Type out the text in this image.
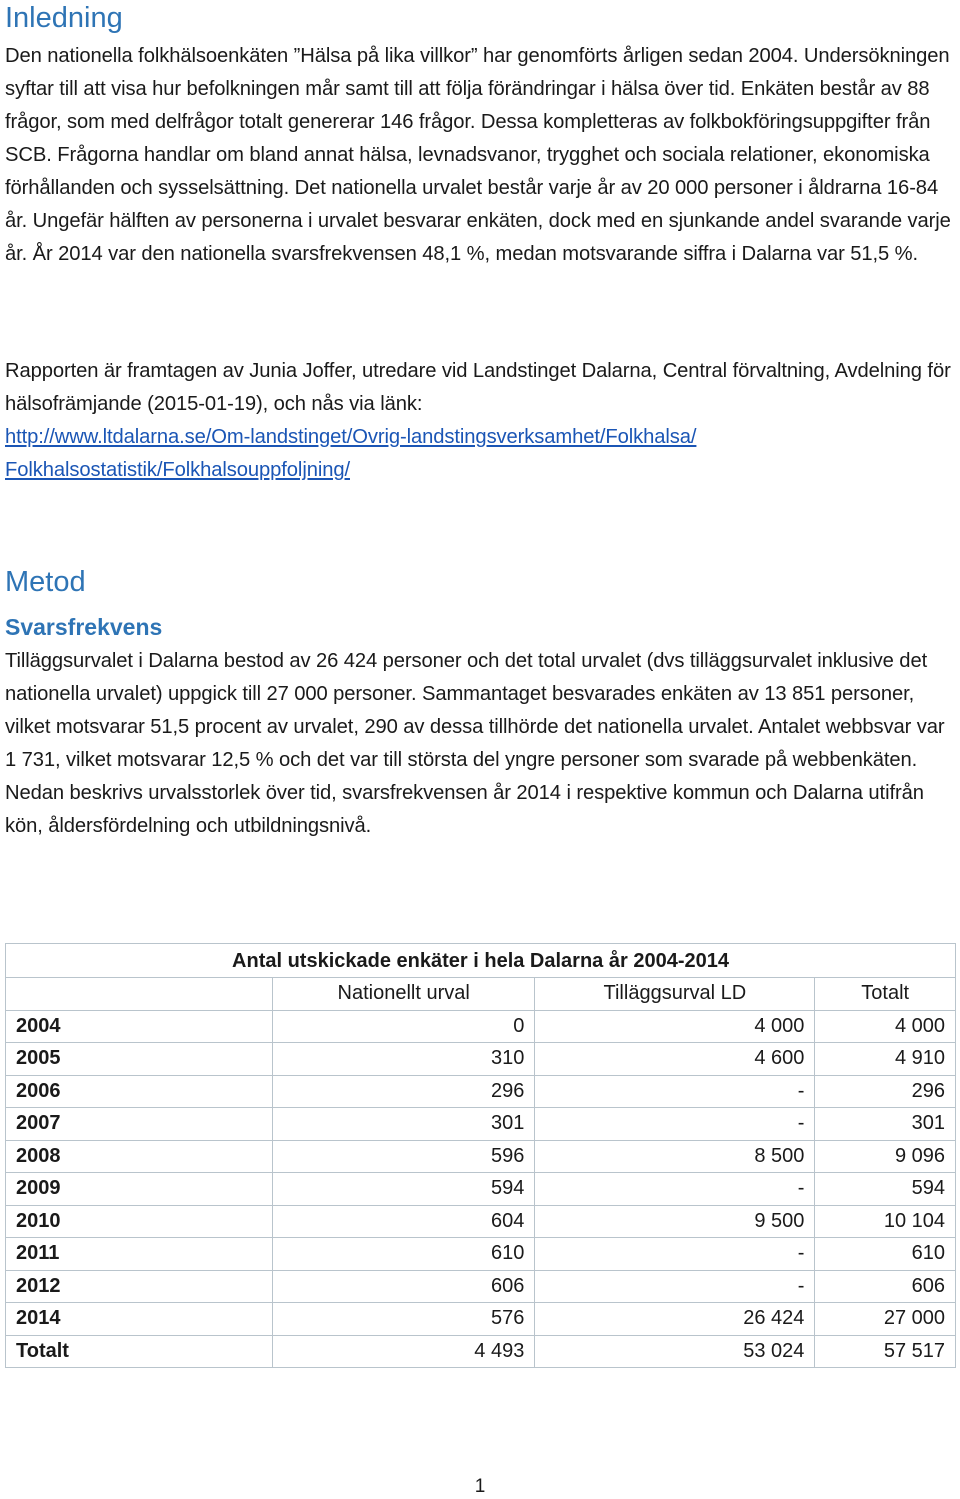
Inledning

Den nationella folkhälsoenkäten ”Hälsa på lika villkor” har genomförts årligen sedan 2004. Undersökningen syftar till att visa hur befolkningen mår samt till att följa förändringar i hälsa över tid. Enkäten består av 88 frågor, som med delfrågor totalt genererar 146 frågor. Dessa kompletteras av folkbokföringsuppgifter från SCB. Frågorna handlar om bland annat hälsa, levnadsvanor, trygghet och sociala relationer, ekonomiska förhållanden och sysselsättning. Det nationella urvalet består varje år av 20 000 personer i åldrarna 16-84 år. Ungefär hälften av personerna i urvalet besvarar enkäten, dock med en sjunkande andel svarande varje år. År 2014 var den nationella svarsfrekvensen 48,1 %, medan motsvarande siffra i Dalarna var 51,5 %.

Rapporten är framtagen av Junia Joffer, utredare vid Landstinget Dalarna, Central förvaltning, Avdelning för hälsofrämjande (2015-01-19), och nås via länk:
http://www.ltdalarna.se/Om-landstinget/Ovrig-landstingsverksamhet/Folkhalsa/
Folkhalsostatistik/Folkhalsouppfoljning/

Metod
Svarsfrekvens

Tilläggsurvalet i Dalarna bestod av 26 424 personer och det total urvalet (dvs tilläggsurvalet inklusive det nationella urvalet) uppgick till 27 000 personer. Sammantaget besvarades enkäten av 13 851 personer, vilket motsvarar 51,5 procent av urvalet, 290 av dessa tillhörde det nationella urvalet. Antalet webbsvar var 1 731, vilket motsvarar 12,5 % och det var till största del yngre personer som svarade på webbenkäten. Nedan beskrivs urvalsstorlek över tid, svarsfrekvensen år 2014 i respektive kommun och Dalarna utifrån kön, åldersfördelning och utbildningsnivå.

Antal utskickade enkäter i hela Dalarna år 2004-2014			
	Nationellt urval	Tilläggsurval LD	Totalt
2004	0	4 000	4 000
2005	310	4 600	4 910
2006	296	-	296
2007	301	-	301
2008	596	8 500	9 096
2009	594	-	594
2010	604	9 500	10 104
2011	610	-	610
2012	606	-	606
2014	576	26 424	27 000
Totalt	4 493	53 024	57 517
1
